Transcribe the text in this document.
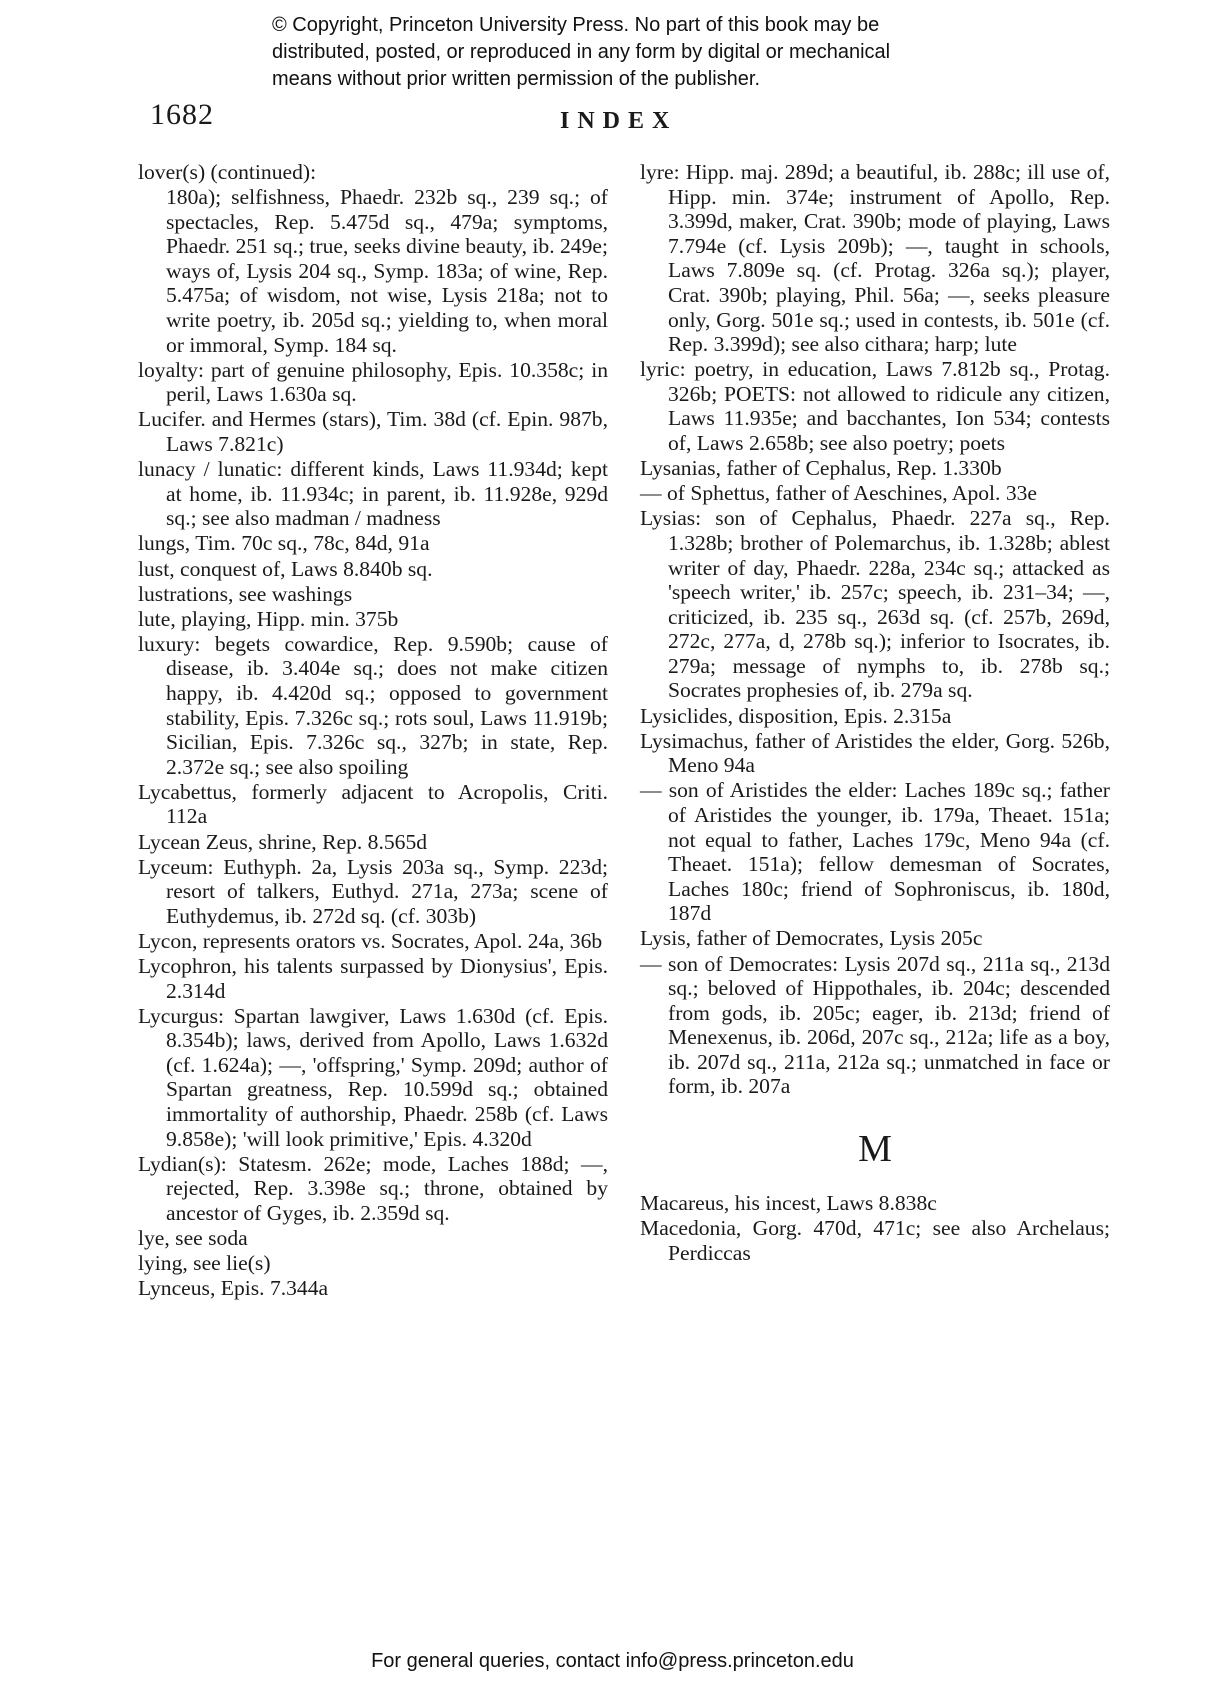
© Copyright, Princeton University Press. No part of this book may be
distributed, posted, or reproduced in any form by digital or mechanical
means without prior written permission of the publisher.
1682	INDEX
lover(s) (continued):
180a); selfishness, Phaedr. 232b sq., 239 sq.; of spectacles, Rep. 5.475d sq., 479a; symptoms, Phaedr. 251 sq.; true, seeks divine beauty, ib. 249e; ways of, Lysis 204 sq., Symp. 183a; of wine, Rep. 5.475a; of wisdom, not wise, Lysis 218a; not to write poetry, ib. 205d sq.; yielding to, when moral or immoral, Symp. 184 sq.
loyalty: part of genuine philosophy, Epis. 10.358c; in peril, Laws 1.630a sq.
Lucifer. and Hermes (stars), Tim. 38d (cf. Epin. 987b, Laws 7.821c)
lunacy / lunatic: different kinds, Laws 11.934d; kept at home, ib. 11.934c; in parent, ib. 11.928e, 929d sq.; see also madman / madness
lungs, Tim. 70c sq., 78c, 84d, 91a
lust, conquest of, Laws 8.840b sq.
lustrations, see washings
lute, playing, Hipp. min. 375b
luxury: begets cowardice, Rep. 9.590b; cause of disease, ib. 3.404e sq.; does not make citizen happy, ib. 4.420d sq.; opposed to government stability, Epis. 7.326c sq.; rots soul, Laws 11.919b; Sicilian, Epis. 7.326c sq., 327b; in state, Rep. 2.372e sq.; see also spoiling
Lycabettus, formerly adjacent to Acropolis, Criti. 112a
Lycean Zeus, shrine, Rep. 8.565d
Lyceum: Euthyph. 2a, Lysis 203a sq., Symp. 223d; resort of talkers, Euthyd. 271a, 273a; scene of Euthydemus, ib. 272d sq. (cf. 303b)
Lycon, represents orators vs. Socrates, Apol. 24a, 36b
Lycophron, his talents surpassed by Dionysius', Epis. 2.314d
Lycurgus: Spartan lawgiver, Laws 1.630d (cf. Epis. 8.354b); laws, derived from Apollo, Laws 1.632d (cf. 1.624a); —, 'offspring,' Symp. 209d; author of Spartan greatness, Rep. 10.599d sq.; obtained immortality of authorship, Phaedr. 258b (cf. Laws 9.858e); 'will look primitive,' Epis. 4.320d
Lydian(s): Statesm. 262e; mode, Laches 188d; —, rejected, Rep. 3.398e sq.; throne, obtained by ancestor of Gyges, ib. 2.359d sq.
lye, see soda
lying, see lie(s)
Lynceus, Epis. 7.344a
lyre: Hipp. maj. 289d; a beautiful, ib. 288c; ill use of, Hipp. min. 374e; instrument of Apollo, Rep. 3.399d, maker, Crat. 390b; mode of playing, Laws 7.794e (cf. Lysis 209b); —, taught in schools, Laws 7.809e sq. (cf. Protag. 326a sq.); player, Crat. 390b; playing, Phil. 56a; —, seeks pleasure only, Gorg. 501e sq.; used in contests, ib. 501e (cf. Rep. 3.399d); see also cithara; harp; lute
lyric: poetry, in education, Laws 7.812b sq., Protag. 326b; POETS: not allowed to ridicule any citizen, Laws 11.935e; and bacchantes, Ion 534; contests of, Laws 2.658b; see also poetry; poets
Lysanias, father of Cephalus, Rep. 1.330b
— of Sphettus, father of Aeschines, Apol. 33e
Lysias: son of Cephalus, Phaedr. 227a sq., Rep. 1.328b; brother of Polemarchus, ib. 1.328b; ablest writer of day, Phaedr. 228a, 234c sq.; attacked as 'speech writer,' ib. 257c; speech, ib. 231–34; —, criticized, ib. 235 sq., 263d sq. (cf. 257b, 269d, 272c, 277a, d, 278b sq.); inferior to Isocrates, ib. 279a; message of nymphs to, ib. 278b sq.; Socrates prophesies of, ib. 279a sq.
Lysiclides, disposition, Epis. 2.315a
Lysimachus, father of Aristides the elder, Gorg. 526b, Meno 94a
— son of Aristides the elder: Laches 189c sq.; father of Aristides the younger, ib. 179a, Theaet. 151a; not equal to father, Laches 179c, Meno 94a (cf. Theaet. 151a); fellow demesman of Socrates, Laches 180c; friend of Sophroniscus, ib. 180d, 187d
Lysis, father of Democrates, Lysis 205c
— son of Democrates: Lysis 207d sq., 211a sq., 213d sq.; beloved of Hippothales, ib. 204c; descended from gods, ib. 205c; eager, ib. 213d; friend of Menexenus, ib. 206d, 207c sq., 212a; life as a boy, ib. 207d sq., 211a, 212a sq.; unmatched in face or form, ib. 207a
M
Macareus, his incest, Laws 8.838c
Macedonia, Gorg. 470d, 471c; see also Archelaus; Perdiccas
For general queries, contact info@press.princeton.edu
